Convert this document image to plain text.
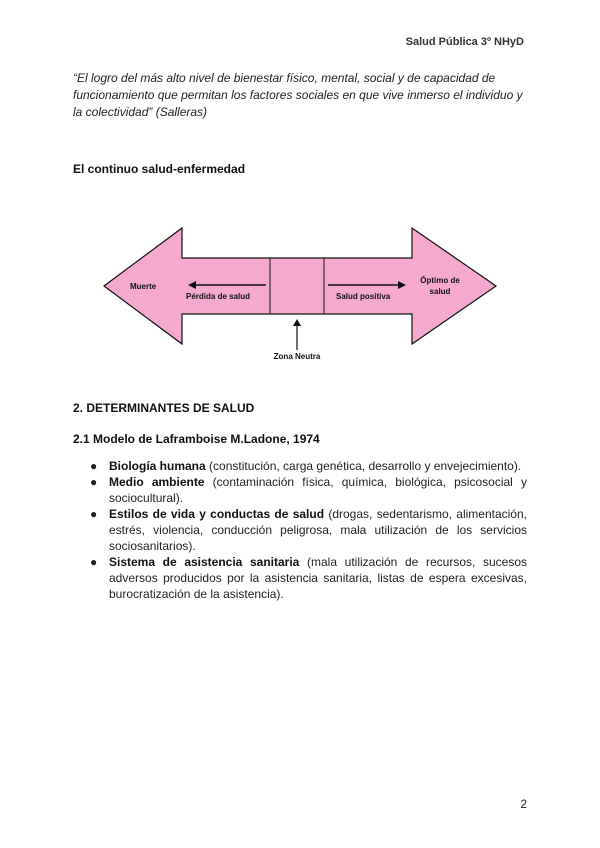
Salud Pública 3º NHyD
“El logro del más alto nivel de bienestar físico, mental, social y de capacidad de funcionamiento que permitan los factores sociales en que vive inmerso el individuo y la colectividad” (Salleras)
El continuo salud-enfermedad
Muerte
Pérdida de salud	Salud positiva
Óptimo de
salud
Zona Neutra
2. DETERMINANTES DE SALUD
2.1 Modelo de Laframboise M.Ladone, 1974
● Biología humana (constitución, carga genética, desarrollo y envejecimiento).
● Medio ambiente (contaminación física, química, biológica, psicosocial y sociocultural).
● Estilos de vida y conductas de salud (drogas, sedentarismo, alimentación, estrés, violencia, conducción peligrosa, mala utilización de los servicios sociosanitarios).
● Sistema de asistencia sanitaria (mala utilización de recursos, sucesos adversos producidos por la asistencia sanitaria, listas de espera excesivas, burocratización de la asistencia).
2
